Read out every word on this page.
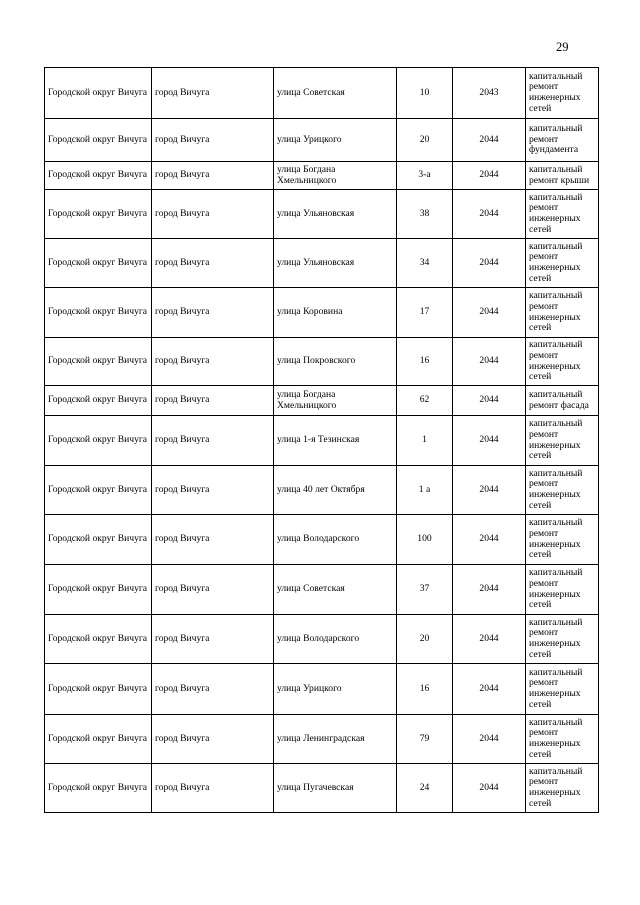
29
Городской округ Вичуга	город Вичуга	улица Советская	10	2043	капитальный ремонт инженерных сетей
Городской округ Вичуга	город Вичуга	улица Урицкого	20	2044	капитальный ремонт фундамента
Городской округ Вичуга	город Вичуга	улица Богдана Хмельницкого	3-а	2044	капитальный ремонт крыши
Городской округ Вичуга	город Вичуга	улица Ульяновская	38	2044	капитальный ремонт инженерных сетей
Городской округ Вичуга	город Вичуга	улица Ульяновская	34	2044	капитальный ремонт инженерных сетей
Городской округ Вичуга	город Вичуга	улица Коровина	17	2044	капитальный ремонт инженерных сетей
Городской округ Вичуга	город Вичуга	улица Покровского	16	2044	капитальный ремонт инженерных сетей
Городской округ Вичуга	город Вичуга	улица Богдана Хмельницкого	62	2044	капитальный ремонт фасада
Городской округ Вичуга	город Вичуга	улица 1-я Тезинская	1	2044	капитальный ремонт инженерных сетей
Городской округ Вичуга	город Вичуга	улица 40 лет Октября	1 а	2044	капитальный ремонт инженерных сетей
Городской округ Вичуга	город Вичуга	улица Володарского	100	2044	капитальный ремонт инженерных сетей
Городской округ Вичуга	город Вичуга	улица Советская	37	2044	капитальный ремонт инженерных сетей
Городской округ Вичуга	город Вичуга	улица Володарского	20	2044	капитальный ремонт инженерных сетей
Городской округ Вичуга	город Вичуга	улица Урицкого	16	2044	капитальный ремонт инженерных сетей
Городской округ Вичуга	город Вичуга	улица Ленинградская	79	2044	капитальный ремонт инженерных сетей
Городской округ Вичуга	город Вичуга	улица Пугачевская	24	2044	капитальный ремонт инженерных сетей
